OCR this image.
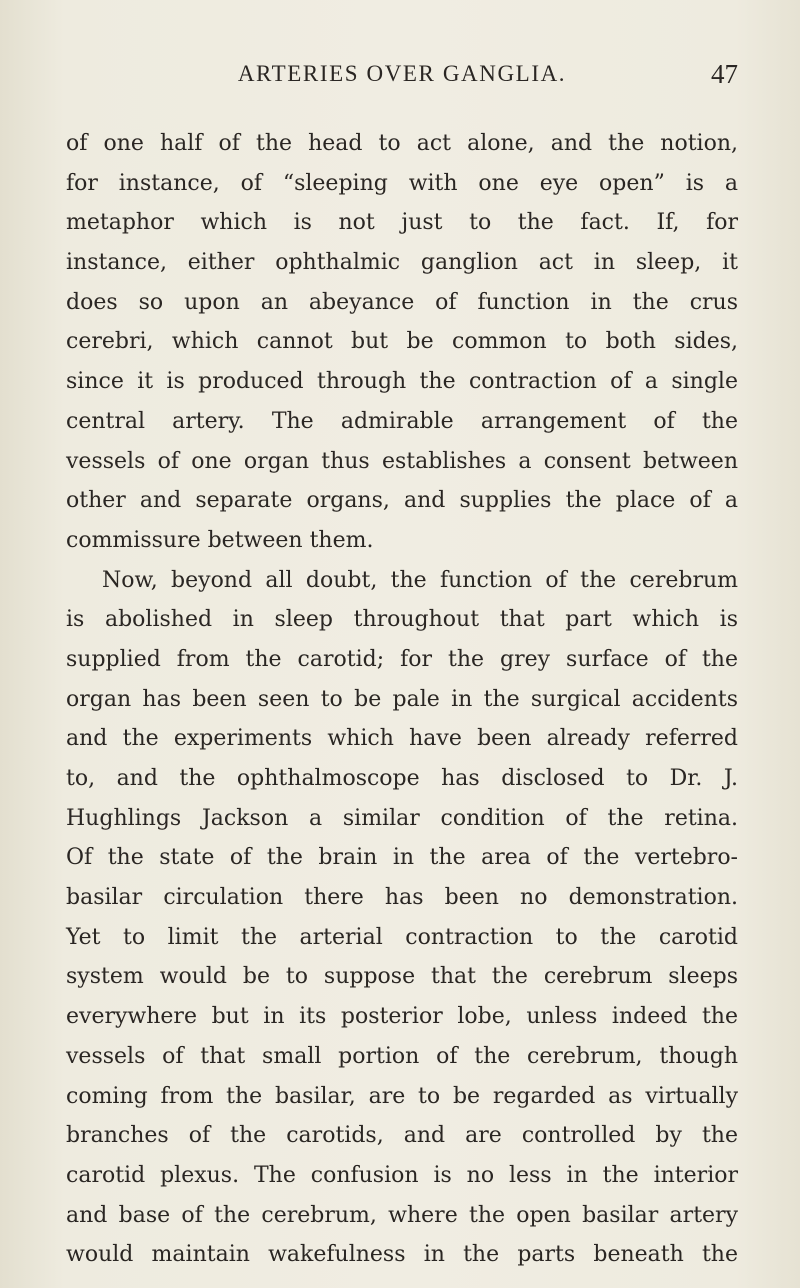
ARTERIES OVER GANGLIA.	47
of one half of the head to act alone, and the notion,
for instance, of “sleeping with one eye open” is a
metaphor which is not just to the fact. If, for
instance, either ophthalmic ganglion act in sleep, it
does so upon an abeyance of function in the crus
cerebri, which cannot but be common to both sides,
since it is produced through the contraction of a single
central artery. The admirable arrangement of the
vessels of one organ thus establishes a consent between
other and separate organs, and supplies the place of a
commissure between them.
Now, beyond all doubt, the function of the cerebrum
is abolished in sleep throughout that part which is
supplied from the carotid; for the grey surface of the
organ has been seen to be pale in the surgical accidents
and the experiments which have been already referred
to, and the ophthalmoscope has disclosed to Dr. J.
Hughlings Jackson a similar condition of the retina.
Of the state of the brain in the area of the vertebro-
basilar circulation there has been no demonstration.
Yet to limit the arterial contraction to the carotid
system would be to suppose that the cerebrum sleeps
everywhere but in its posterior lobe, unless indeed the
vessels of that small portion of the cerebrum, though
coming from the basilar, are to be regarded as virtually
branches of the carotids, and are controlled by the
carotid plexus. The confusion is no less in the interior
and base of the cerebrum, where the open basilar artery
would maintain wakefulness in the parts beneath the
